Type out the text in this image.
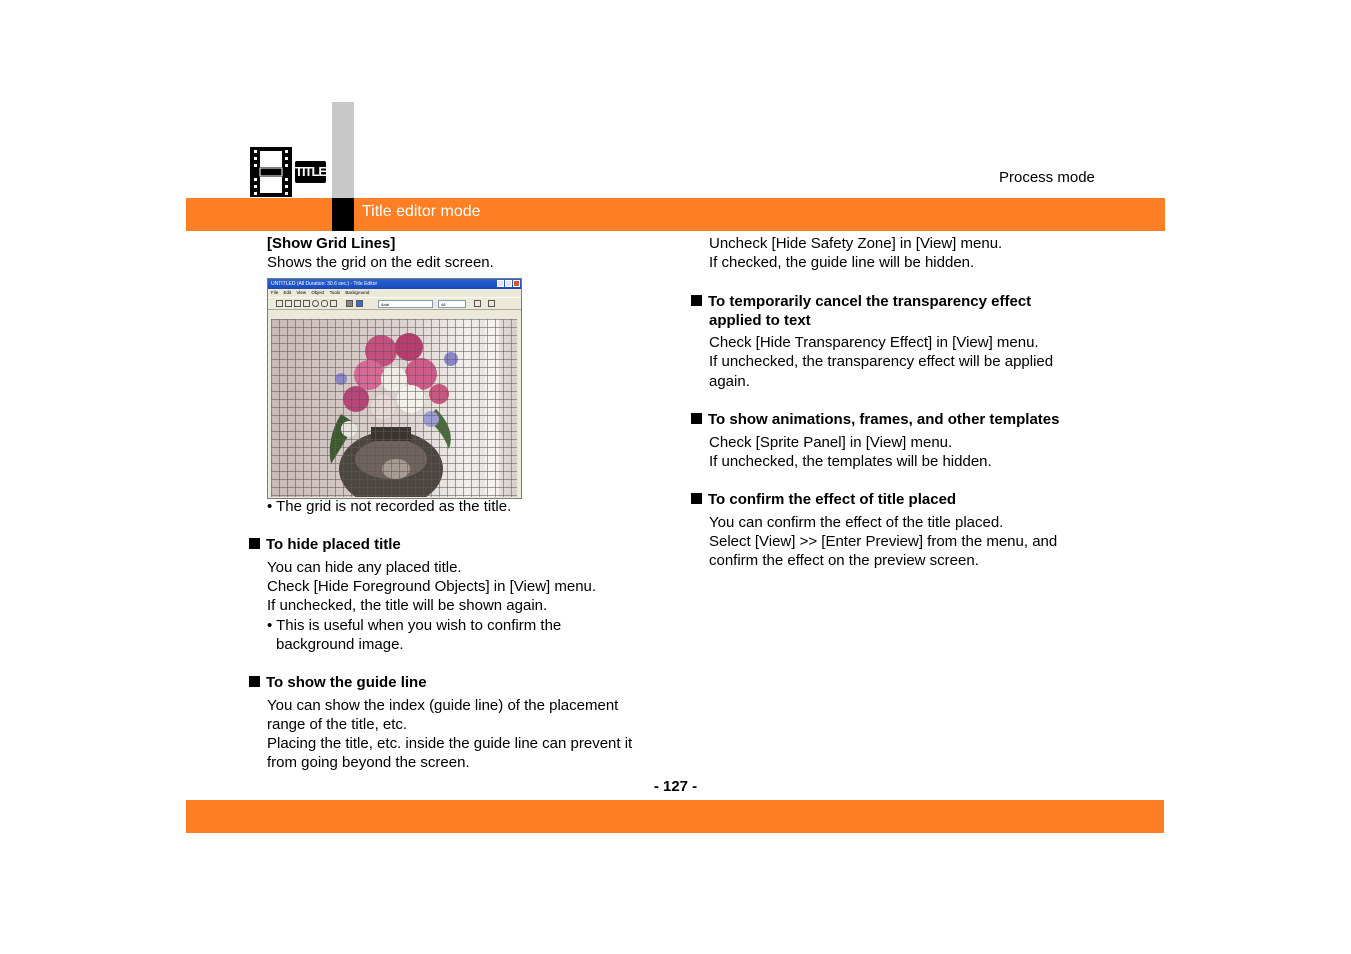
TITLE	Process mode
Title editor mode
[Show Grid Lines]
Shows the grid on the edit screen.
UNTITLED (All Duration: 30.6 sec.) - Title Editor
File Edit View Object Tools Background
Arial	48
• The grid is not recorded as the title.
To hide placed title
You can hide any placed title.
Check [Hide Foreground Objects] in [View] menu.
If unchecked, the title will be shown again.
• This is useful when you wish to confirm the
background image.
To show the guide line
You can show the index (guide line) of the placement
range of the title, etc.
Placing the title, etc. inside the guide line can prevent it
from going beyond the screen.
Uncheck [Hide Safety Zone] in [View] menu.
If checked, the guide line will be hidden.
To temporarily cancel the transparency effect
applied to text
Check [Hide Transparency Effect] in [View] menu.
If unchecked, the transparency effect will be applied
again.
To show animations, frames, and other templates
Check [Sprite Panel] in [View] menu.
If unchecked, the templates will be hidden.
To confirm the effect of title placed
You can confirm the effect of the title placed.
Select [View] >> [Enter Preview] from the menu, and
confirm the effect on the preview screen.
- 127 -
